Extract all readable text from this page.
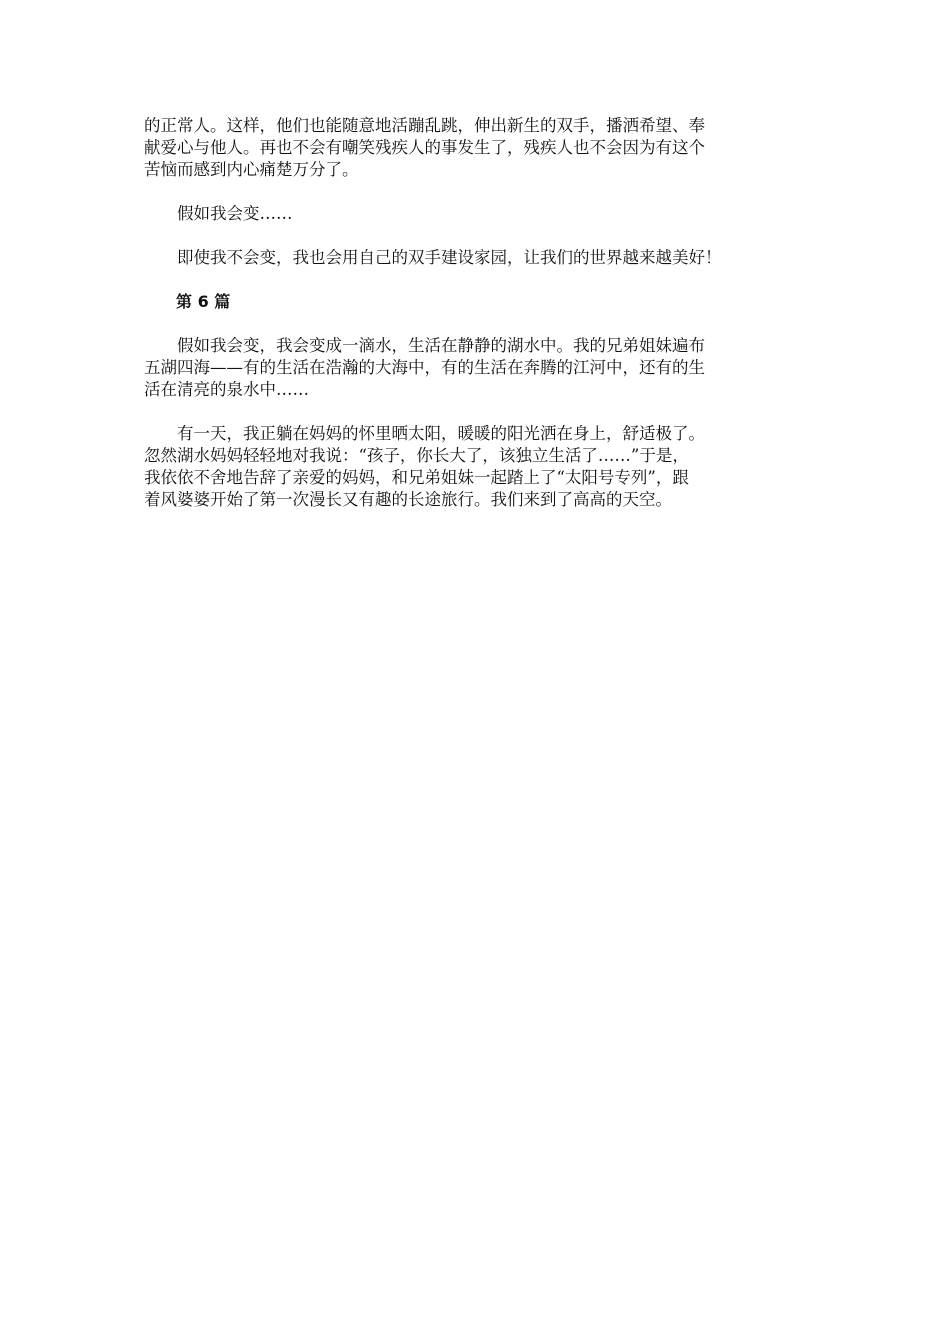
的正常人。这样，他们也能随意地活蹦乱跳，伸出新生的双手，播洒希望、奉
献爱心与他人。再也不会有嘲笑残疾人的事发生了，残疾人也不会因为有这个
苦恼而感到内心痛楚万分了。

假如我会变……

即使我不会变，我也会用自己的双手建设家园，让我们的世界越来越美好！

第 6 篇

假如我会变，我会变成一滴水，生活在静静的湖水中。我的兄弟姐妹遍布
五湖四海——有的生活在浩瀚的大海中，有的生活在奔腾的江河中，还有的生
活在清亮的泉水中……

有一天，我正躺在妈妈的怀里晒太阳，暖暖的阳光洒在身上，舒适极了。
忽然湖水妈妈轻轻地对我说：“孩子，你长大了，该独立生活了……”于是，
我依依不舍地告辞了亲爱的妈妈，和兄弟姐妹一起踏上了“太阳号专列”，跟
着风婆婆开始了第一次漫长又有趣的长途旅行。我们来到了高高的天空。
